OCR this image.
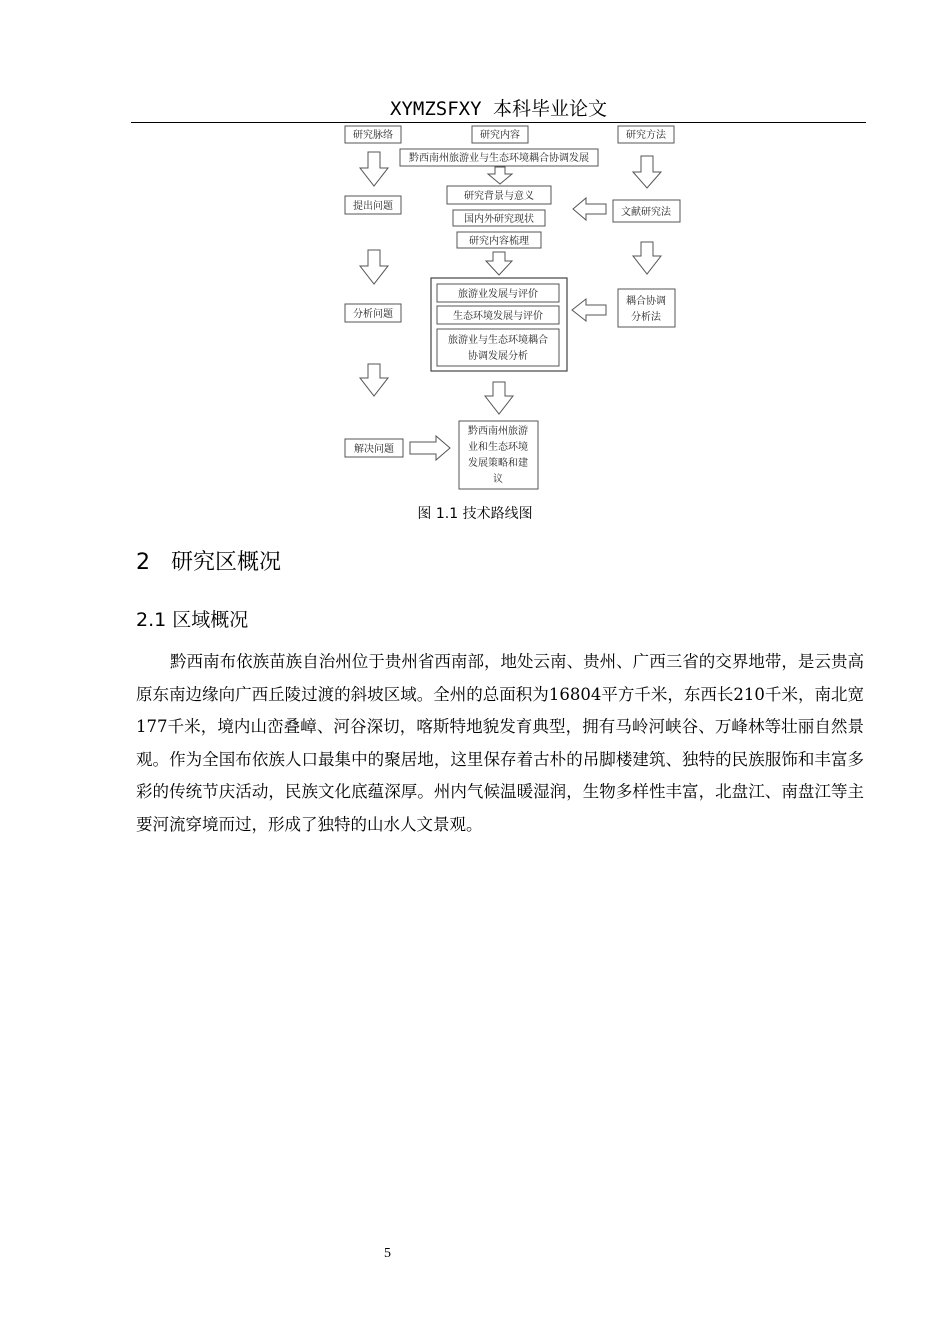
XYMZSFXY 本科毕业论文
研究脉络	研究内容	研究方法
黔西南州旅游业与生态环境耦合协调发展
提出问题
分析问题
解决问题
研究背景与意义
国内外研究现状
研究内容梳理
旅游业发展与评价
生态环境发展与评价
旅游业与生态环境耦合
协调发展分析
黔西南州旅游
业和生态环境
发展策略和建
议
文献研究法
耦合协调
分析法
图 1.1 技术路线图
2 研究区概况
2.1 区域概况

黔西南布依族苗族自治州位于贵州省西南部，地处云南、贵州、广西三省的交界地带，是云贵高原东南边缘向广西丘陵过渡的斜坡区域。全州的总面积为16804平方千米，东西长210千米，南北宽177千米，境内山峦叠嶂、河谷深切，喀斯特地貌发育典型，拥有马岭河峡谷、万峰林等壮丽自然景观。作为全国布依族人口最集中的聚居地，这里保存着古朴的吊脚楼建筑、独特的民族服饰和丰富多彩的传统节庆活动，民族文化底蕴深厚。州内气候温暖湿润，生物多样性丰富，北盘江、南盘江等主要河流穿境而过，形成了独特的山水人文景观。

5
